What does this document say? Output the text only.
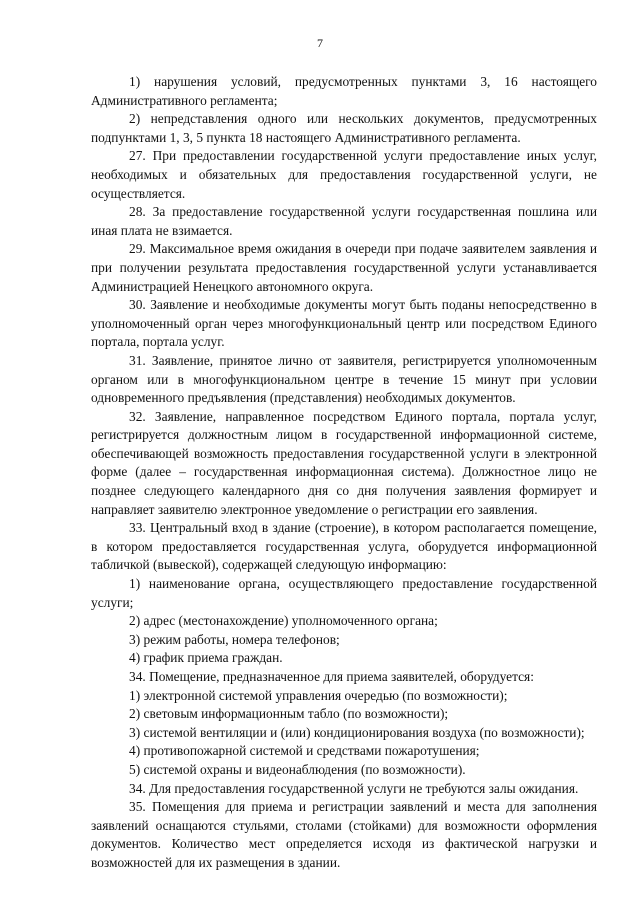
7

1) нарушения условий, предусмотренных пунктами 3, 16 настоящего Административного регламента;

2) непредставления одного или нескольких документов, предусмотренных подпунктами 1, 3, 5 пункта 18 настоящего Административного регламента.

27. При предоставлении государственной услуги предоставление иных услуг, необходимых и обязательных для предоставления государственной услуги, не осуществляется.

28. За предоставление государственной услуги государственная пошлина или иная плата не взимается.

29. Максимальное время ожидания в очереди при подаче заявителем заявления и при получении результата предоставления государственной услуги устанавливается Администрацией Ненецкого автономного округа.

30. Заявление и необходимые документы могут быть поданы непосредственно в уполномоченный орган через многофункциональный центр или посредством Единого портала, портала услуг.

31. Заявление, принятое лично от заявителя, регистрируется уполномоченным органом или в многофункциональном центре в течение 15 минут при условии одновременного предъявления (представления) необходимых документов.

32. Заявление, направленное посредством Единого портала, портала услуг, регистрируется должностным лицом в государственной информационной системе, обеспечивающей возможность предоставления государственной услуги в электронной форме (далее – государственная информационная система). Должностное лицо не позднее следующего календарного дня со дня получения заявления формирует и направляет заявителю электронное уведомление о регистрации его заявления.

33. Центральный вход в здание (строение), в котором располагается помещение, в котором предоставляется государственная услуга, оборудуется информационной табличкой (вывеской), содержащей следующую информацию:

1) наименование органа, осуществляющего предоставление государственной услуги;

2) адрес (местонахождение) уполномоченного органа;

3) режим работы, номера телефонов;

4) график приема граждан.

34. Помещение, предназначенное для приема заявителей, оборудуется:

1) электронной системой управления очередью (по возможности);

2) световым информационным табло (по возможности);

3) системой вентиляции и (или) кондиционирования воздуха (по возможности);

4) противопожарной системой и средствами пожаротушения;

5) системой охраны и видеонаблюдения (по возможности).

34. Для предоставления государственной услуги не требуются залы ожидания.

35. Помещения для приема и регистрации заявлений и места для заполнения заявлений оснащаются стульями, столами (стойками) для возможности оформления документов. Количество мест определяется исходя из фактической нагрузки и возможностей для их размещения в здании.
